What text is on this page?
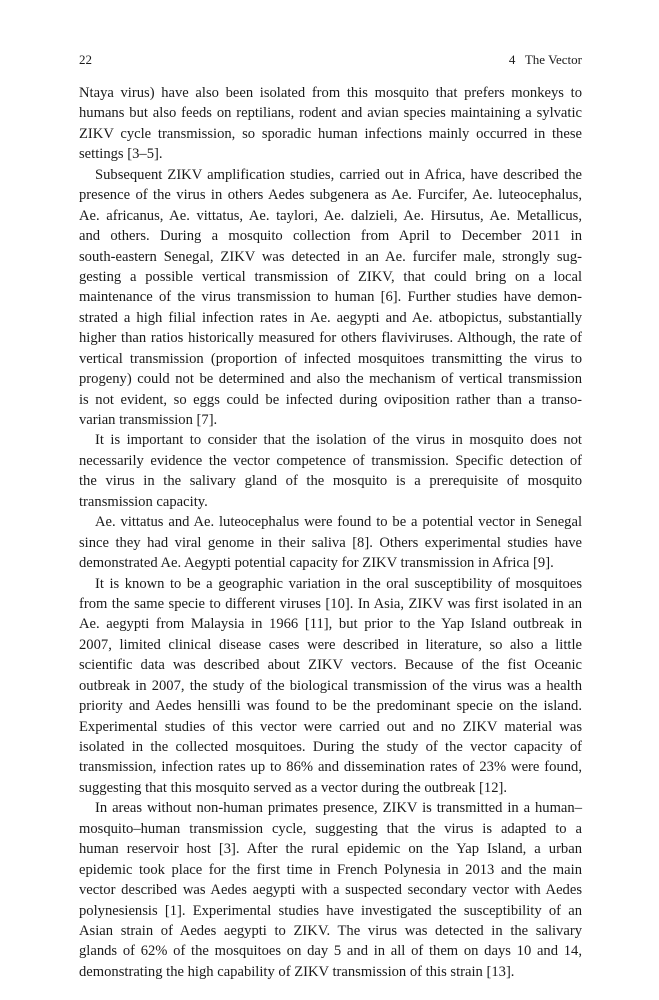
22	4   The Vector
Ntaya virus) have also been isolated from this mosquito that prefers monkeys to
humans but also feeds on reptilians, rodent and avian species maintaining a sylvatic
ZIKV cycle transmission, so sporadic human infections mainly occurred in these
settings [3–5].
Subsequent ZIKV amplification studies, carried out in Africa, have described the
presence of the virus in others Aedes subgenera as Ae. Furcifer, Ae. luteocephalus,
Ae. africanus, Ae. vittatus, Ae. taylori, Ae. dalzieli, Ae. Hirsutus, Ae. Metallicus,
and others. During a mosquito collection from April to December 2011 in
south-eastern Senegal, ZIKV was detected in an Ae. furcifer male, strongly sug-
gesting a possible vertical transmission of ZIKV, that could bring on a local
maintenance of the virus transmission to human [6]. Further studies have demon-
strated a high filial infection rates in Ae. aegypti and Ae. atbopictus, substantially
higher than ratios historically measured for others flaviviruses. Although, the rate of
vertical transmission (proportion of infected mosquitoes transmitting the virus to
progeny) could not be determined and also the mechanism of vertical transmission
is not evident, so eggs could be infected during oviposition rather than a transo-
varian transmission [7].
It is important to consider that the isolation of the virus in mosquito does not
necessarily evidence the vector competence of transmission. Specific detection of
the virus in the salivary gland of the mosquito is a prerequisite of mosquito
transmission capacity.
Ae. vittatus and Ae. luteocephalus were found to be a potential vector in Senegal
since they had viral genome in their saliva [8]. Others experimental studies have
demonstrated Ae. Aegypti potential capacity for ZIKV transmission in Africa [9].
It is known to be a geographic variation in the oral susceptibility of mosquitoes
from the same specie to different viruses [10]. In Asia, ZIKV was first isolated in an
Ae. aegypti from Malaysia in 1966 [11], but prior to the Yap Island outbreak in
2007, limited clinical disease cases were described in literature, so also a little
scientific data was described about ZIKV vectors. Because of the fist Oceanic
outbreak in 2007, the study of the biological transmission of the virus was a health
priority and Aedes hensilli was found to be the predominant specie on the island.
Experimental studies of this vector were carried out and no ZIKV material was
isolated in the collected mosquitoes. During the study of the vector capacity of
transmission, infection rates up to 86% and dissemination rates of 23% were found,
suggesting that this mosquito served as a vector during the outbreak [12].
In areas without non-human primates presence, ZIKV is transmitted in a human–
mosquito–human transmission cycle, suggesting that the virus is adapted to a
human reservoir host [3]. After the rural epidemic on the Yap Island, a urban
epidemic took place for the first time in French Polynesia in 2013 and the main
vector described was Aedes aegypti with a suspected secondary vector with Aedes
polynesiensis [1]. Experimental studies have investigated the susceptibility of an
Asian strain of Aedes aegypti to ZIKV. The virus was detected in the salivary
glands of 62% of the mosquitoes on day 5 and in all of them on days 10 and 14,
demonstrating the high capability of ZIKV transmission of this strain [13].
